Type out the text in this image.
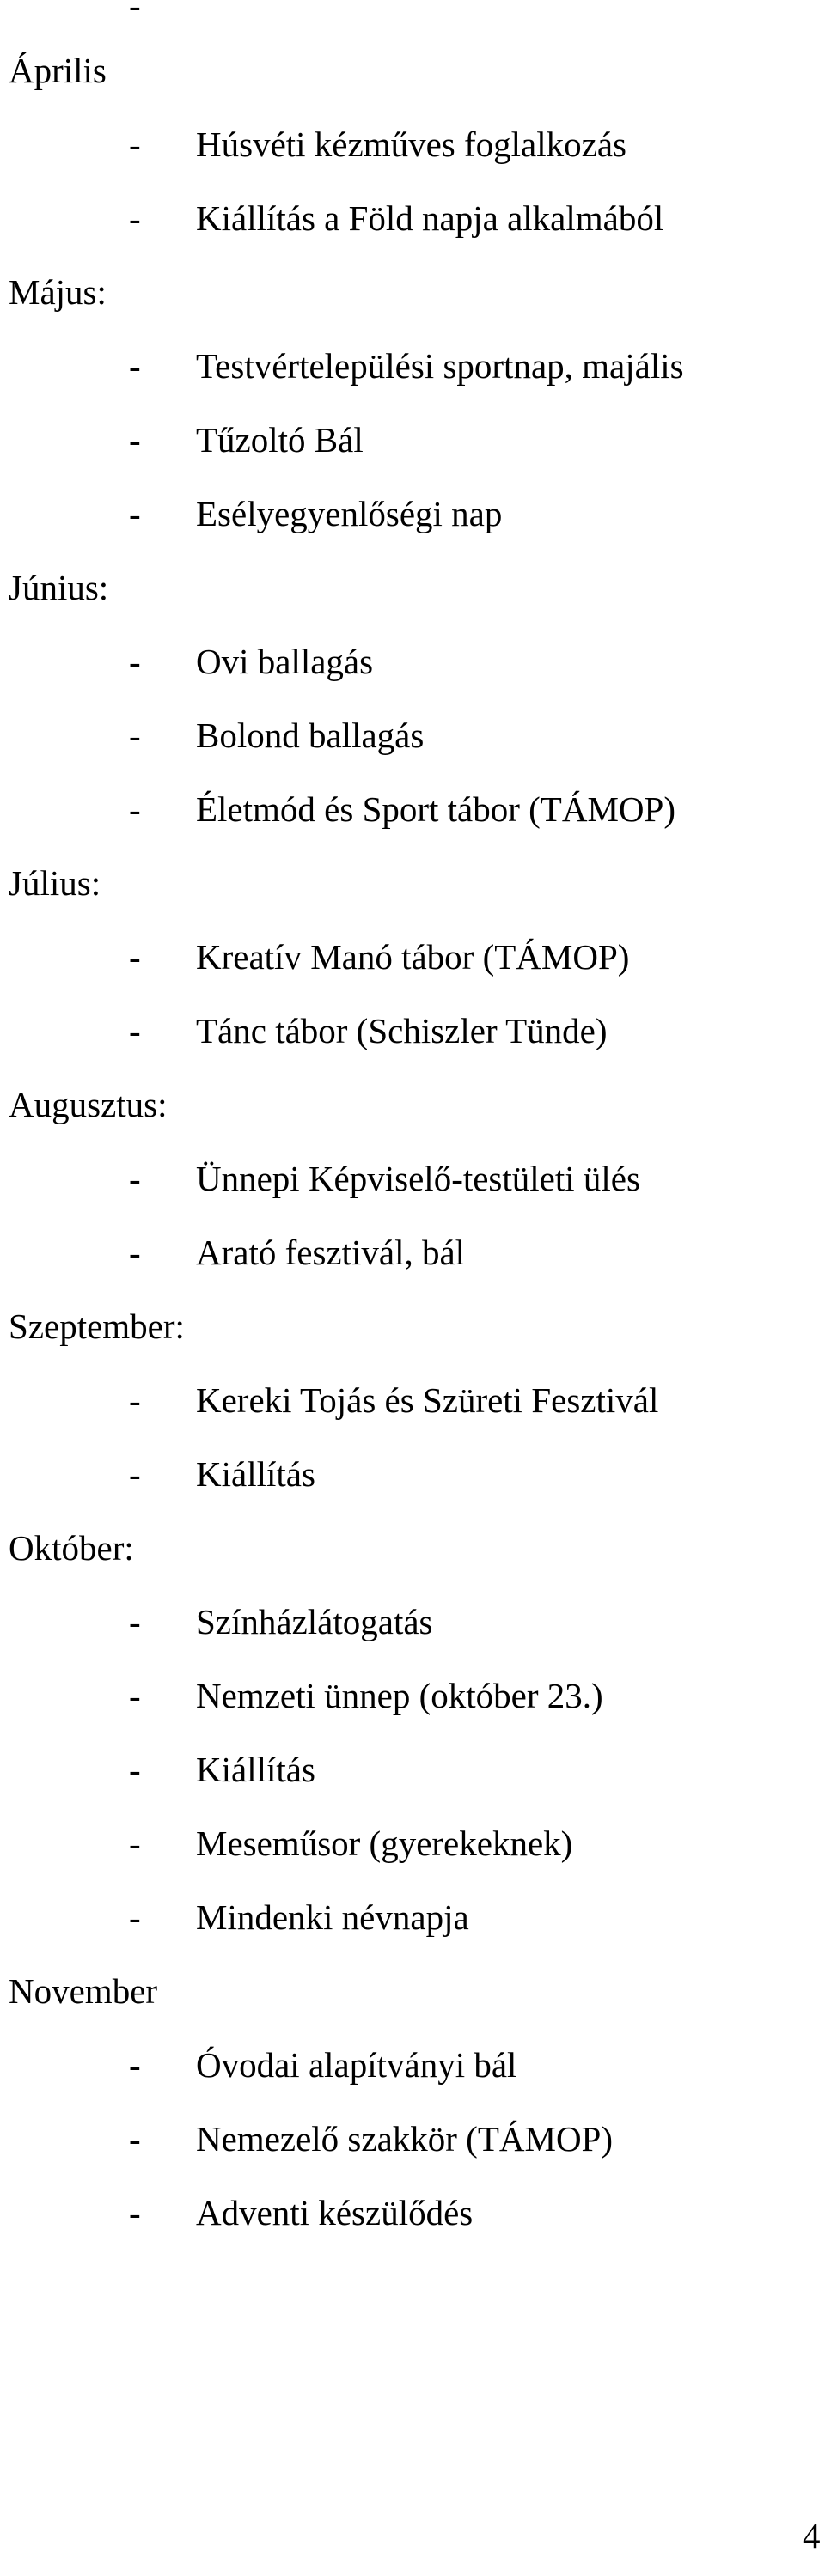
-
Április
- Húsvéti kézműves foglalkozás
- Kiállítás a Föld napja alkalmából
Május:
- Testvértelepülési sportnap, majális
- Tűzoltó Bál
- Esélyegyenlőségi nap
Június:
- Ovi ballagás
- Bolond ballagás
- Életmód és Sport tábor (TÁMOP)
Július:
- Kreatív Manó tábor (TÁMOP)
- Tánc tábor (Schiszler Tünde)
Augusztus:
- Ünnepi Képviselő-testületi ülés
- Arató fesztivál, bál
Szeptember:
- Kereki Tojás és Szüreti Fesztivál
- Kiállítás
Október:
- Színházlátogatás
- Nemzeti ünnep (október 23.)
- Kiállítás
- Meseműsor (gyerekeknek)
- Mindenki névnapja
November
- Óvodai alapítványi bál
- Nemezelő szakkör (TÁMOP)
- Adventi készülődés
4
